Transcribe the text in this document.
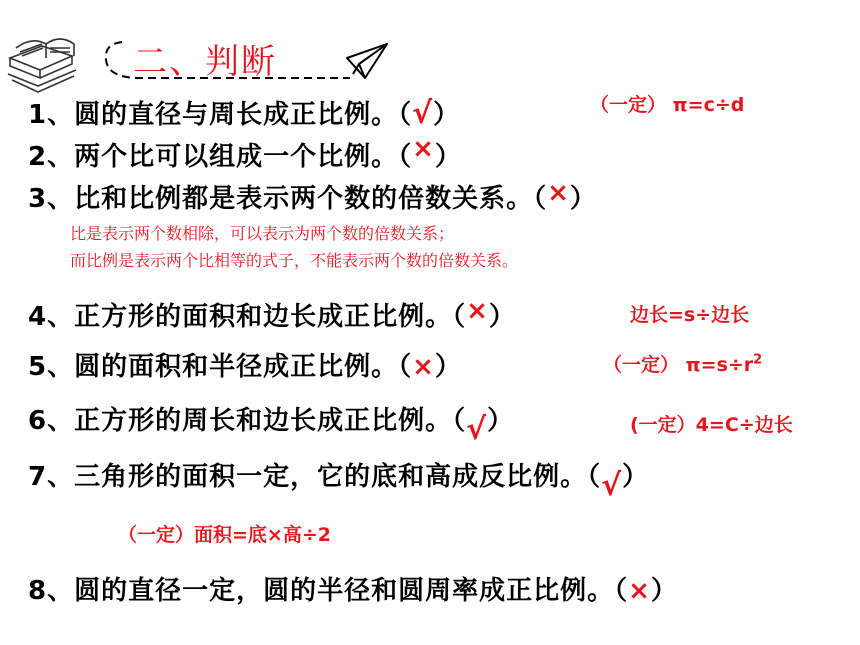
二、判断
1、圆的直径与周长成正比例。（√）	（一定） π=c÷d
2、两个比可以组成一个比例。（×）
3、比和比例都是表示两个数的倍数关系。（×）
比是表示两个数相除，可以表示为两个数的倍数关系；
而比例是表示两个比相等的式子，不能表示两个数的倍数关系。
4、正方形的面积和边长成正比例。（×）	边长=s÷边长
5、圆的面积和半径成正比例。（×）	（一定） $\pi=s\div r^2$
6、正方形的周长和边长成正比例。（√）	(一定）4=C÷边长
7、三角形的面积一定，它的底和高成反比例。（√）
（一定）面积=底×高÷2
8、圆的直径一定，圆的半径和圆周率成正比例。（×）
